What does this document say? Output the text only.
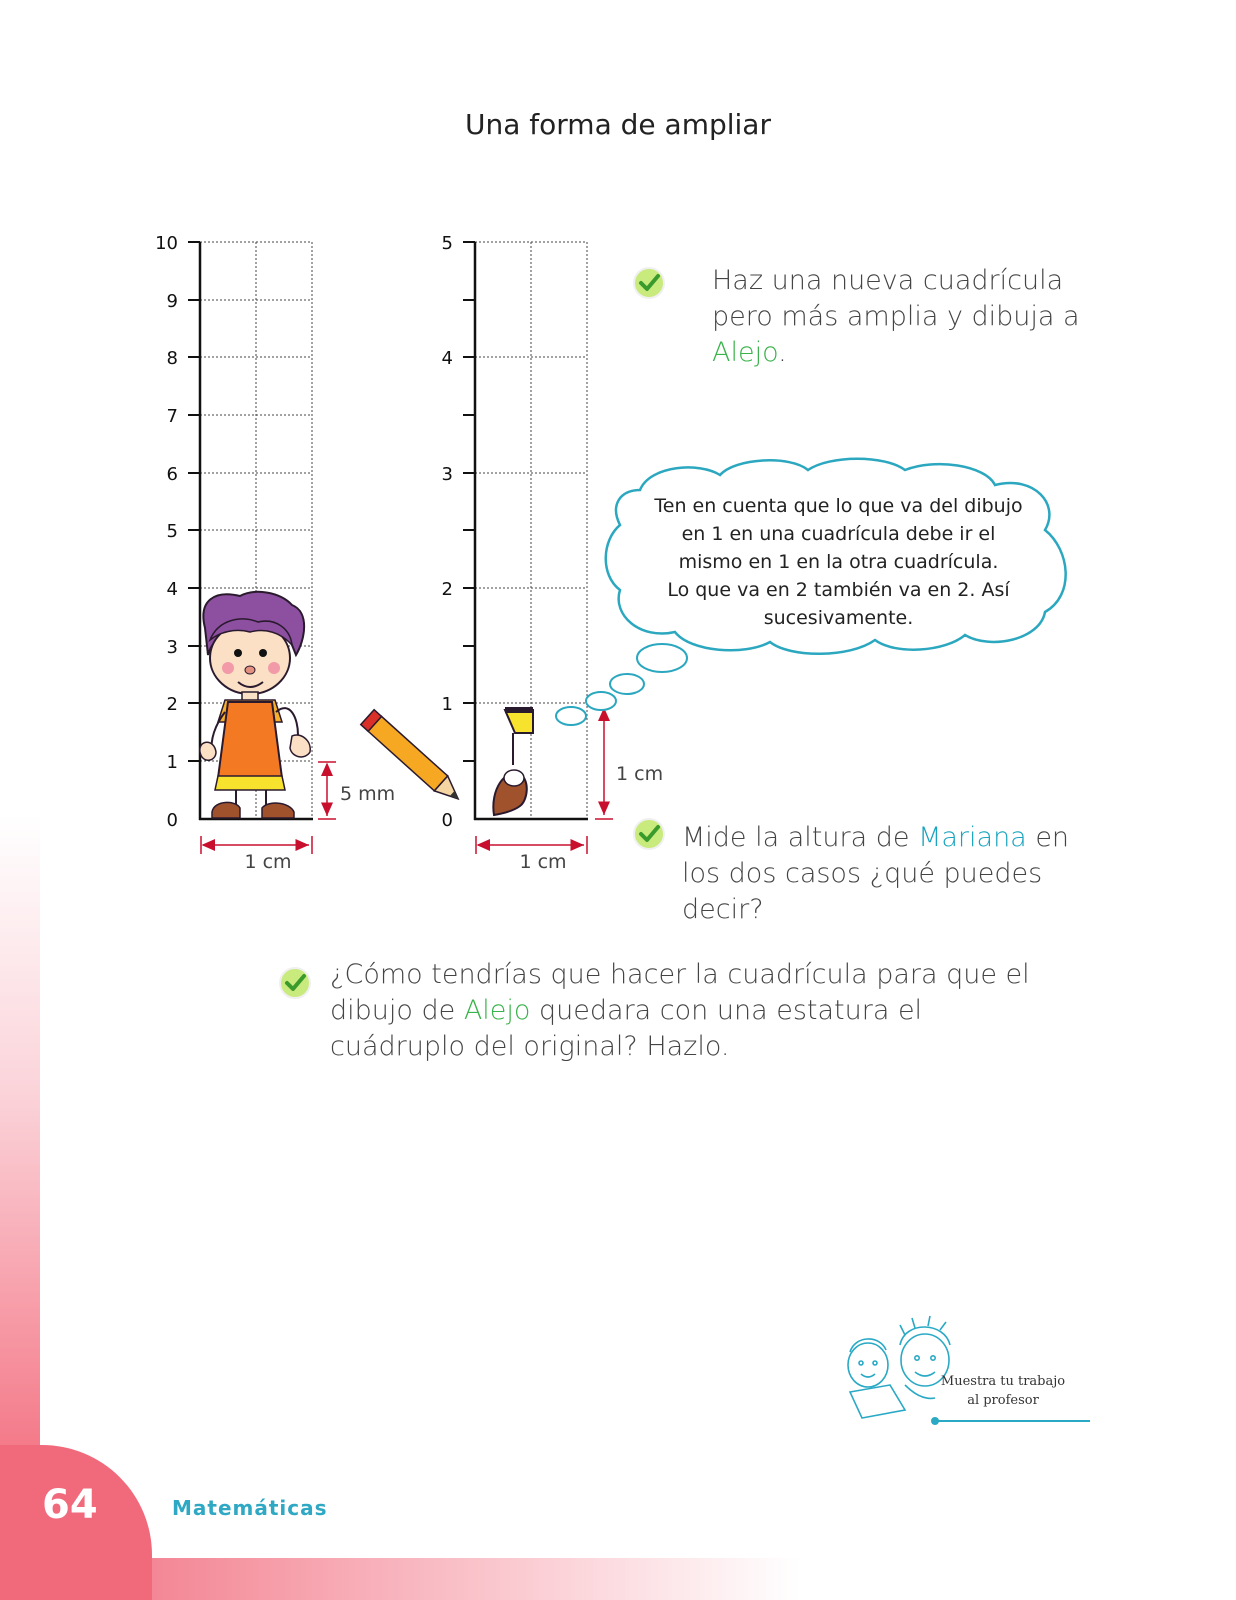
64	Matemáticas
Una forma de ampliar
0
1
2
3
4
5
6
7
8
9
10
1 cm
5 mm
0
1
2
3
4
5
1 cm
1 cm
Haz una nueva cuadrícula pero más amplia y dibuja a Alejo.
Ten en cuenta que lo que va del dibujo
en 1 en una cuadrícula debe ir el
mismo en 1 en la otra cuadrícula.
Lo que va en 2 también va en 2. Así
sucesivamente.
Mide la altura de Mariana en los dos casos ¿qué puedes decir?
¿Cómo tendrías que hacer la cuadrícula para que el dibujo de Alejo quedara con una estatura el cuádruplo del original? Hazlo.
Muestra tu trabajo
al profesor
